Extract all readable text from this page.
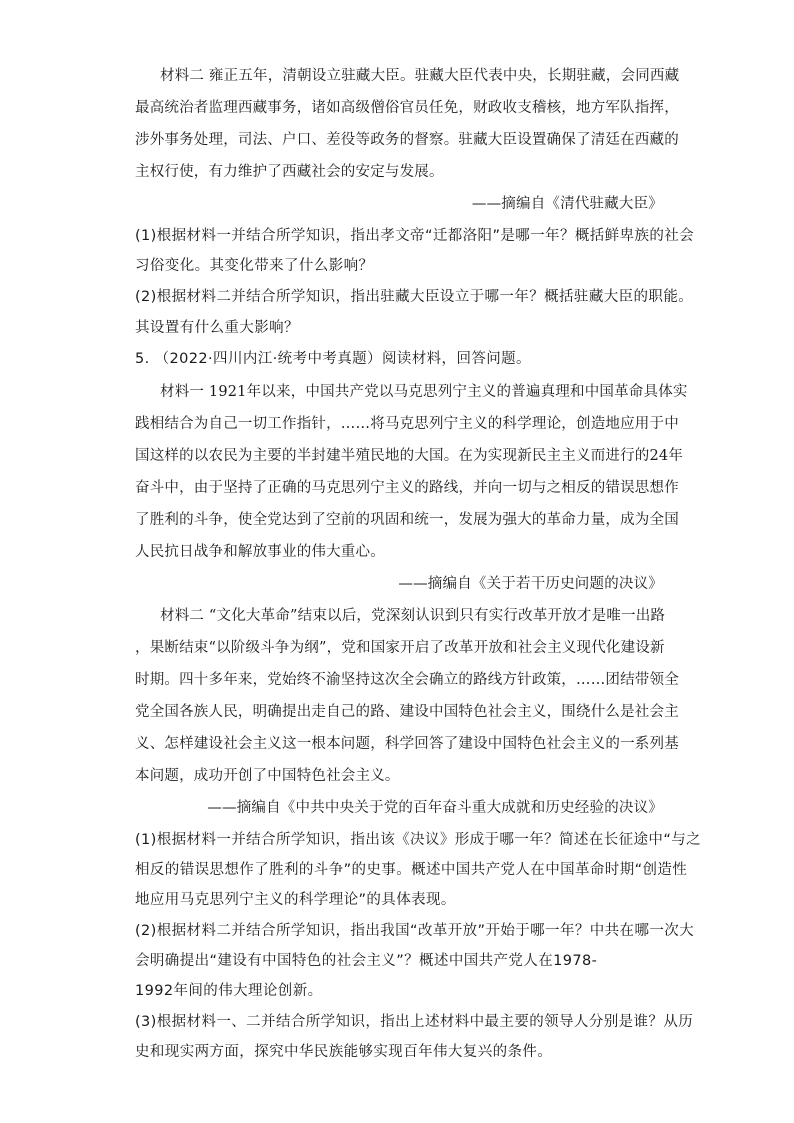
材料二 雍正五年，清朝设立驻藏大臣。驻藏大臣代表中央，长期驻藏，会同西藏
最高统治者监理西藏事务，诸如高级僧俗官员任免，财政收支稽核，地方军队指挥，
涉外事务处理，司法、户口、差役等政务的督察。驻藏大臣设置确保了清廷在西藏的
主权行使，有力维护了西藏社会的安定与发展。
——摘编自《清代驻藏大臣》
(1)根据材料一并结合所学知识，指出孝文帝“迁都洛阳”是哪一年？概括鲜卑族的社会
习俗变化。其变化带来了什么影响？
(2)根据材料二并结合所学知识，指出驻藏大臣设立于哪一年？概括驻藏大臣的职能。
其设置有什么重大影响？
5. （2022·四川内江·统考中考真题）阅读材料，回答问题。
材料一 1921年以来，中国共产党以马克思列宁主义的普遍真理和中国革命具体实
践相结合为自己一切工作指针，……将马克思列宁主义的科学理论，创造地应用于中
国这样的以农民为主要的半封建半殖民地的大国。在为实现新民主主义而进行的24年
奋斗中，由于坚持了正确的马克思列宁主义的路线，并向一切与之相反的错误思想作
了胜利的斗争，使全党达到了空前的巩固和统一，发展为强大的革命力量，成为全国
人民抗日战争和解放事业的伟大重心。
——摘编自《关于若干历史问题的决议》
材料二 “文化大革命”结束以后，党深刻认识到只有实行改革开放才是唯一出路
，果断结束“以阶级斗争为纲”，党和国家开启了改革开放和社会主义现代化建设新
时期。四十多年来，党始终不渝坚持这次全会确立的路线方针政策，……团结带领全
党全国各族人民，明确提出走自己的路、建设中国特色社会主义，围绕什么是社会主
义、怎样建设社会主义这一根本问题，科学回答了建设中国特色社会主义的一系列基
本问题，成功开创了中国特色社会主义。
——摘编自《中共中央关于党的百年奋斗重大成就和历史经验的决议》
(1)根据材料一并结合所学知识，指出该《决议》形成于哪一年？简述在长征途中“与之
相反的错误思想作了胜利的斗争”的史事。概述中国共产党人在中国革命时期“创造性
地应用马克思列宁主义的科学理论”的具体表现。
(2)根据材料二并结合所学知识，指出我国“改革开放”开始于哪一年？中共在哪一次大
会明确提出“建设有中国特色的社会主义”？概述中国共产党人在1978-
1992年间的伟大理论创新。
(3)根据材料一、二并结合所学知识，指出上述材料中最主要的领导人分别是谁？从历
史和现实两方面，探究中华民族能够实现百年伟大复兴的条件。
